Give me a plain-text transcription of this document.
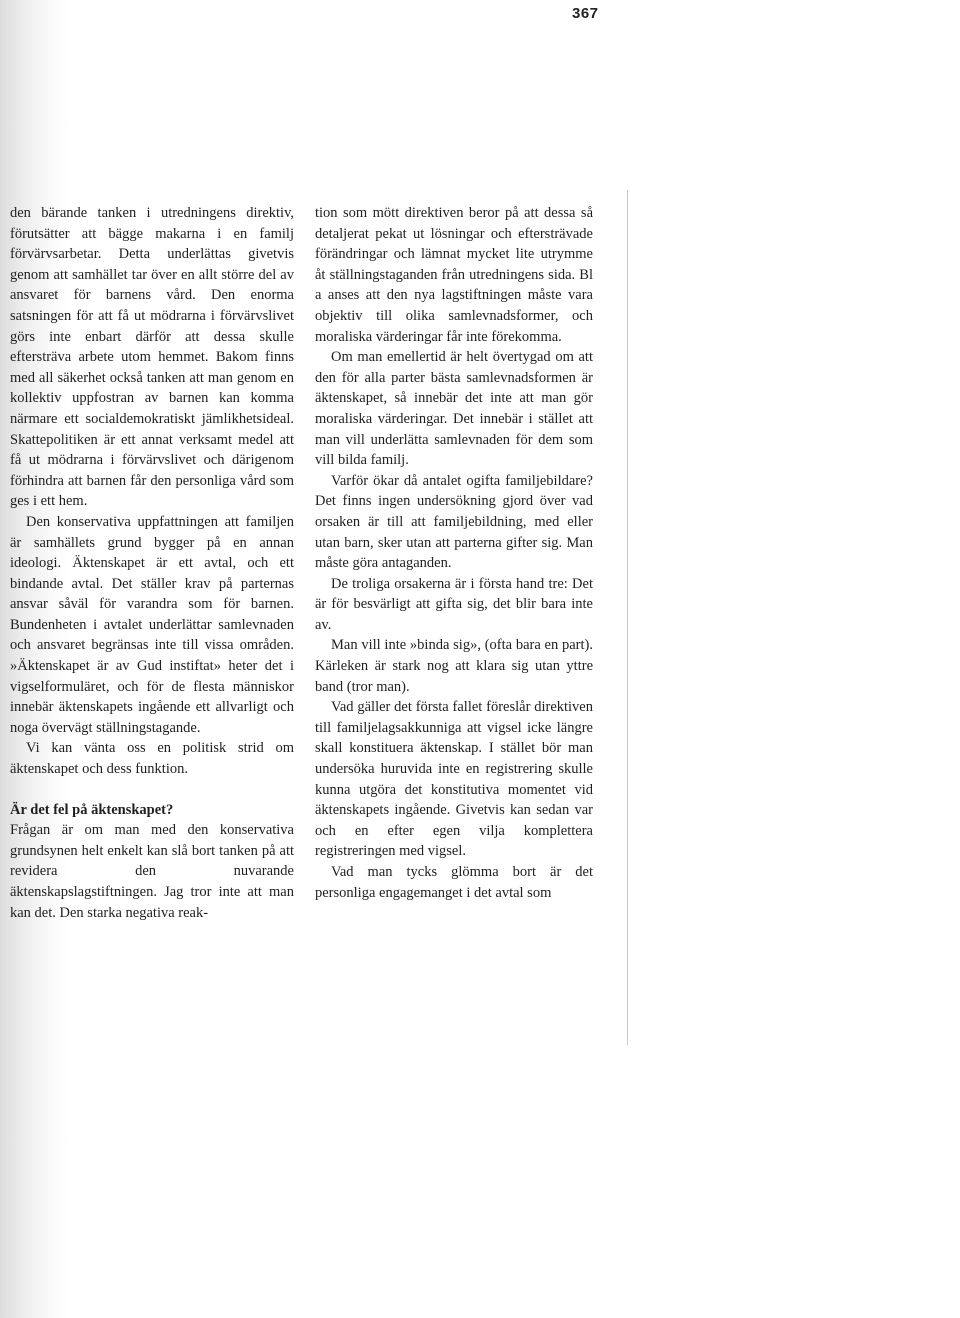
367

den bärande tanken i utredningens direktiv, förutsätter att bägge makarna i en familj förvärvsarbetar. Detta underlättas givetvis genom att samhället tar över en allt större del av ansvaret för barnens vård. Den enorma satsningen för att få ut mödrarna i förvärvslivet görs inte enbart därför att dessa skulle eftersträva arbete utom hemmet. Bakom finns med all säkerhet också tanken att man genom en kollektiv uppfostran av barnen kan komma närmare ett socialdemokratiskt jämlikhetsideal. Skattepolitiken är ett annat verksamt medel att få ut mödrarna i förvärvslivet och därigenom förhindra att barnen får den personliga vård som ges i ett hem.

Den konservativa uppfattningen att familjen är samhällets grund bygger på en annan ideologi. Äktenskapet är ett avtal, och ett bindande avtal. Det ställer krav på parternas ansvar såväl för varandra som för barnen. Bundenheten i avtalet underlättar samlevnaden och ansvaret begränsas inte till vissa områden. »Äktenskapet är av Gud instiftat» heter det i vigselformuläret, och för de flesta människor innebär äktenskapets ingående ett allvarligt och noga övervägt ställningstagande.

Vi kan vänta oss en politisk strid om äktenskapet och dess funktion.

Är det fel på äktenskapet?

Frågan är om man med den konservativa grundsynen helt enkelt kan slå bort tanken på att revidera den nuvarande äktenskapslagstiftningen. Jag tror inte att man kan det. Den starka negativa reak-

tion som mött direktiven beror på att dessa så detaljerat pekat ut lösningar och eftersträvade förändringar och lämnat mycket lite utrymme åt ställningstaganden från utredningens sida. Bl a anses att den nya lagstiftningen måste vara objektiv till olika samlevnadsformer, och moraliska värderingar får inte förekomma.

Om man emellertid är helt övertygad om att den för alla parter bästa samlevnadsformen är äktenskapet, så innebär det inte att man gör moraliska värderingar. Det innebär i stället att man vill underlätta samlevnaden för dem som vill bilda familj.

Varför ökar då antalet ogifta familjebildare? Det finns ingen undersökning gjord över vad orsaken är till att familjebildning, med eller utan barn, sker utan att parterna gifter sig. Man måste göra antaganden.

De troliga orsakerna är i första hand tre: Det är för besvärligt att gifta sig, det blir bara inte av.

Man vill inte »binda sig», (ofta bara en part). Kärleken är stark nog att klara sig utan yttre band (tror man).

Vad gäller det första fallet föreslår direktiven till familjelagsakkunniga att vigsel icke längre skall konstituera äktenskap. I stället bör man undersöka huruvida inte en registrering skulle kunna utgöra det konstitutiva momentet vid äktenskapets ingående. Givetvis kan sedan var och en efter egen vilja komplettera registreringen med vigsel.

Vad man tycks glömma bort är det personliga engagemanget i det avtal som
